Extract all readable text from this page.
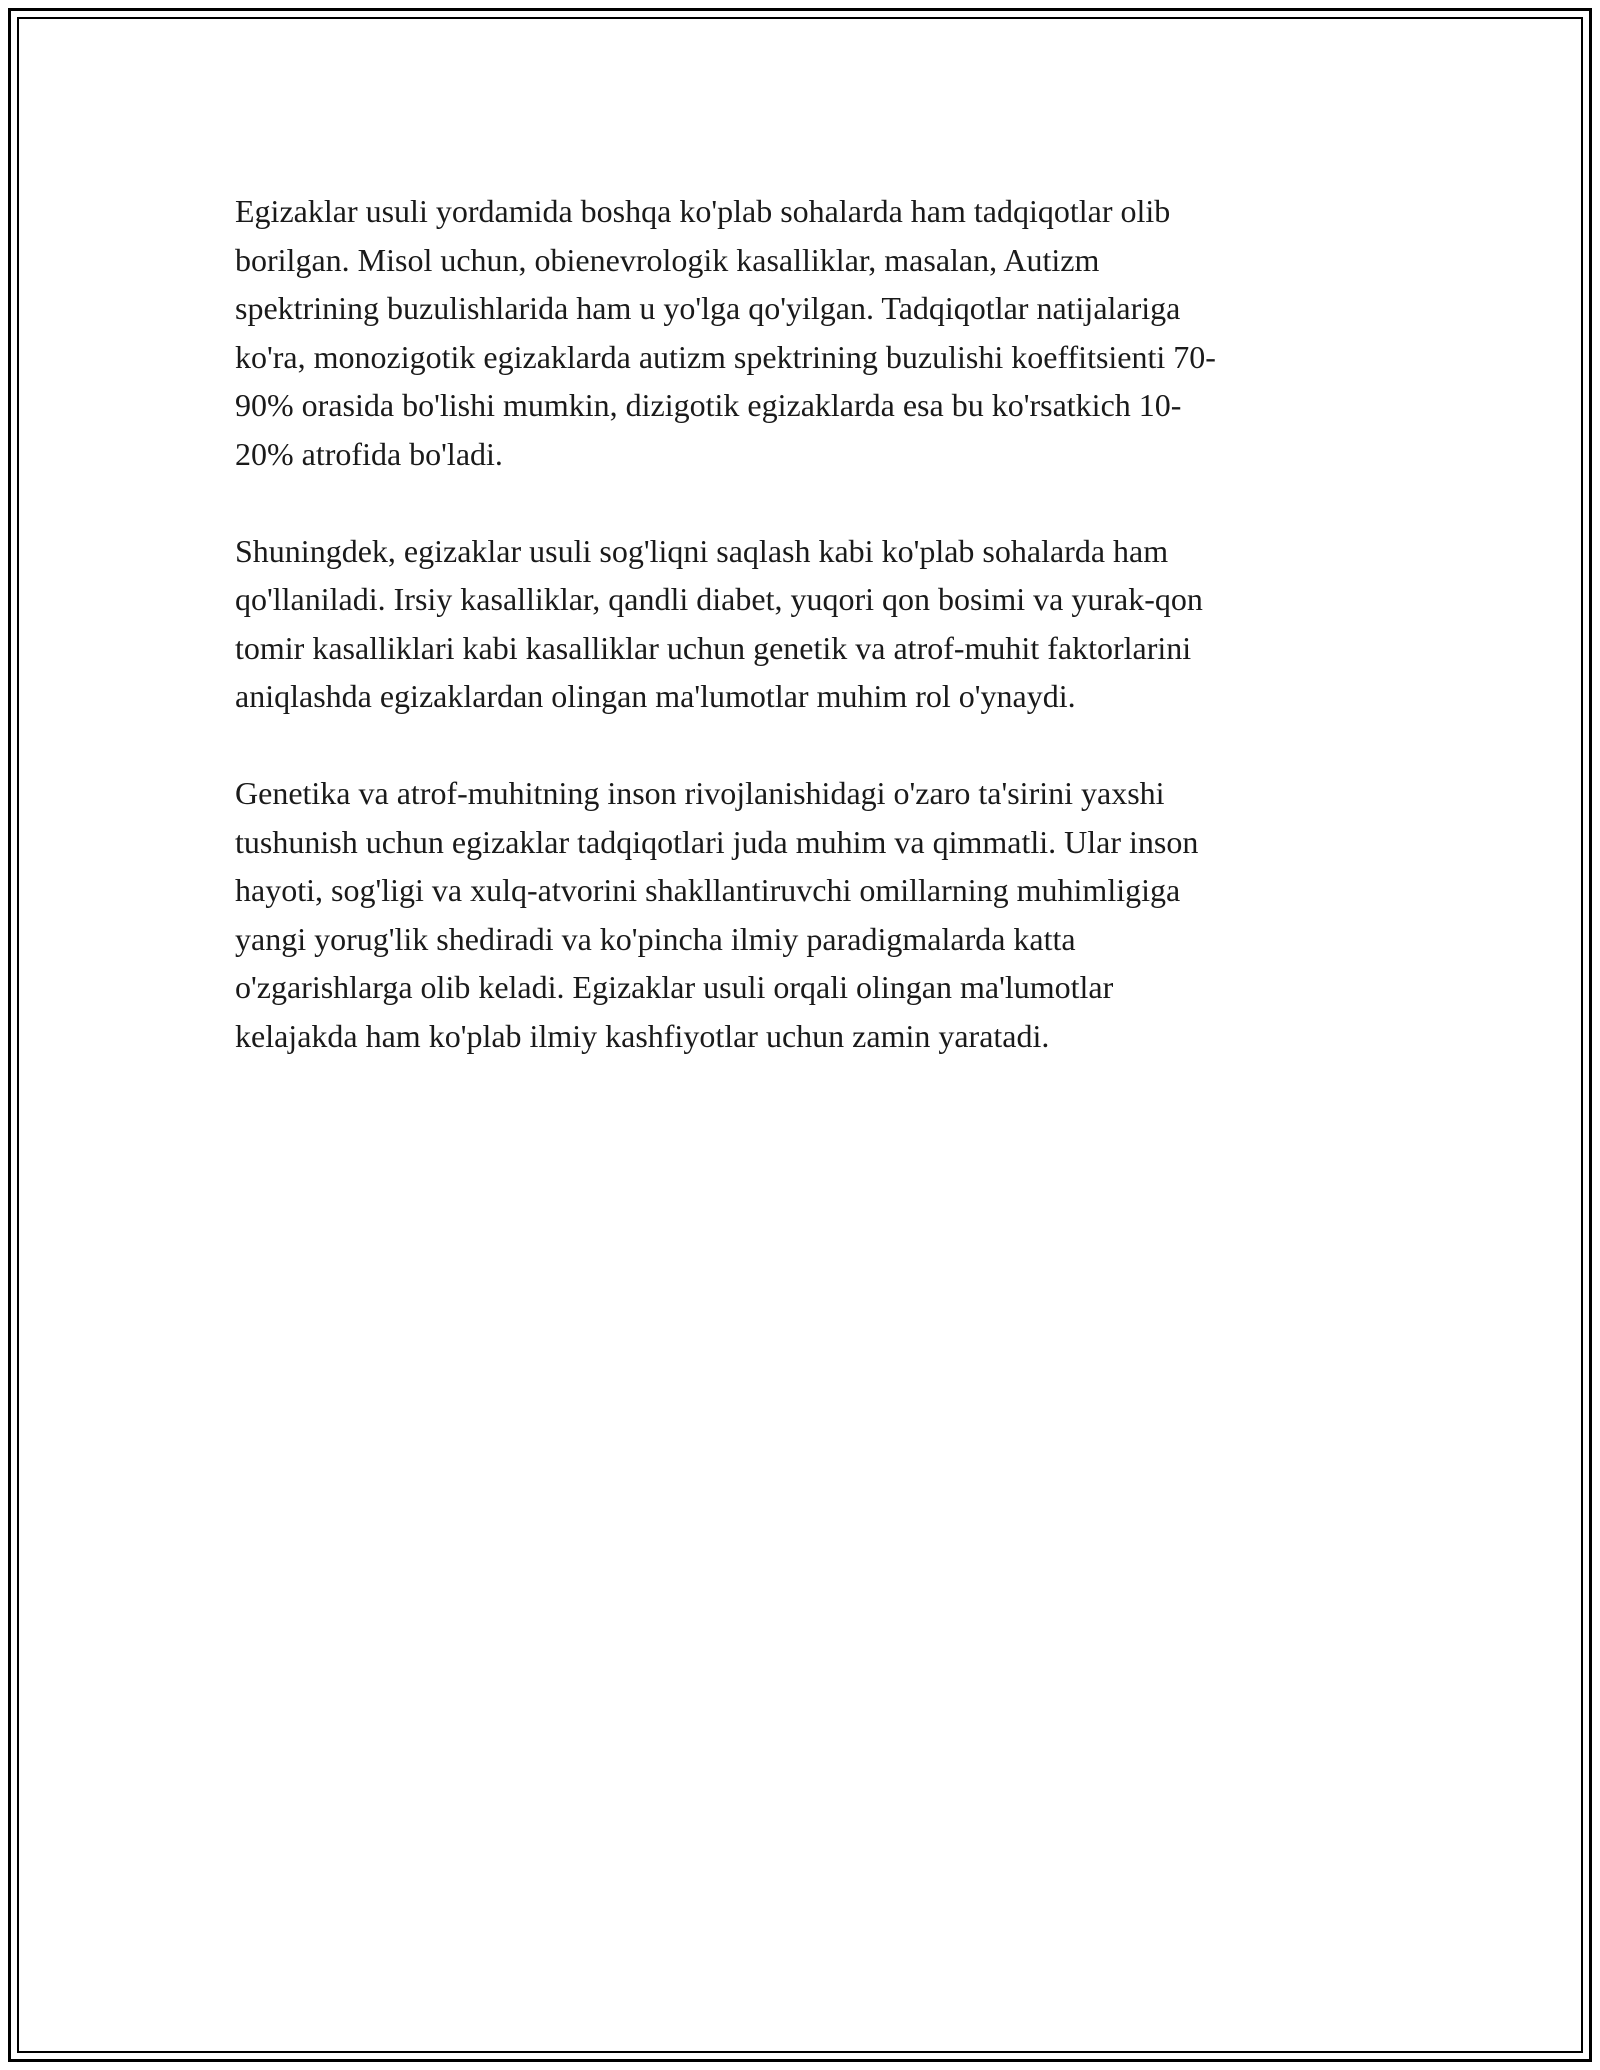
Egizaklar usuli yordamida boshqa ko'plab sohalarda ham tadqiqotlar olib
borilgan. Misol uchun, obienevrologik kasalliklar, masalan, Autizm
spektrining buzulishlarida ham u yo'lga qo'yilgan. Tadqiqotlar natijalariga
ko'ra, monozigotik egizaklarda autizm spektrining buzulishi koeffitsienti 70-
90% orasida bo'lishi mumkin, dizigotik egizaklarda esa bu ko'rsatkich 10-
20% atrofida bo'ladi.

Shuningdek, egizaklar usuli sog'liqni saqlash kabi ko'plab sohalarda ham
qo'llaniladi. Irsiy kasalliklar, qandli diabet, yuqori qon bosimi va yurak-qon
tomir kasalliklari kabi kasalliklar uchun genetik va atrof-muhit faktorlarini
aniqlashda egizaklardan olingan ma'lumotlar muhim rol o'ynaydi.

Genetika va atrof-muhitning inson rivojlanishidagi o'zaro ta'sirini yaxshi
tushunish uchun egizaklar tadqiqotlari juda muhim va qimmatli. Ular inson
hayoti, sog'ligi va xulq-atvorini shakllantiruvchi omillarning muhimligiga
yangi yorug'lik shediradi va ko'pincha ilmiy paradigmalarda katta
o'zgarishlarga olib keladi. Egizaklar usuli orqali olingan ma'lumotlar
kelajakda ham ko'plab ilmiy kashfiyotlar uchun zamin yaratadi.
